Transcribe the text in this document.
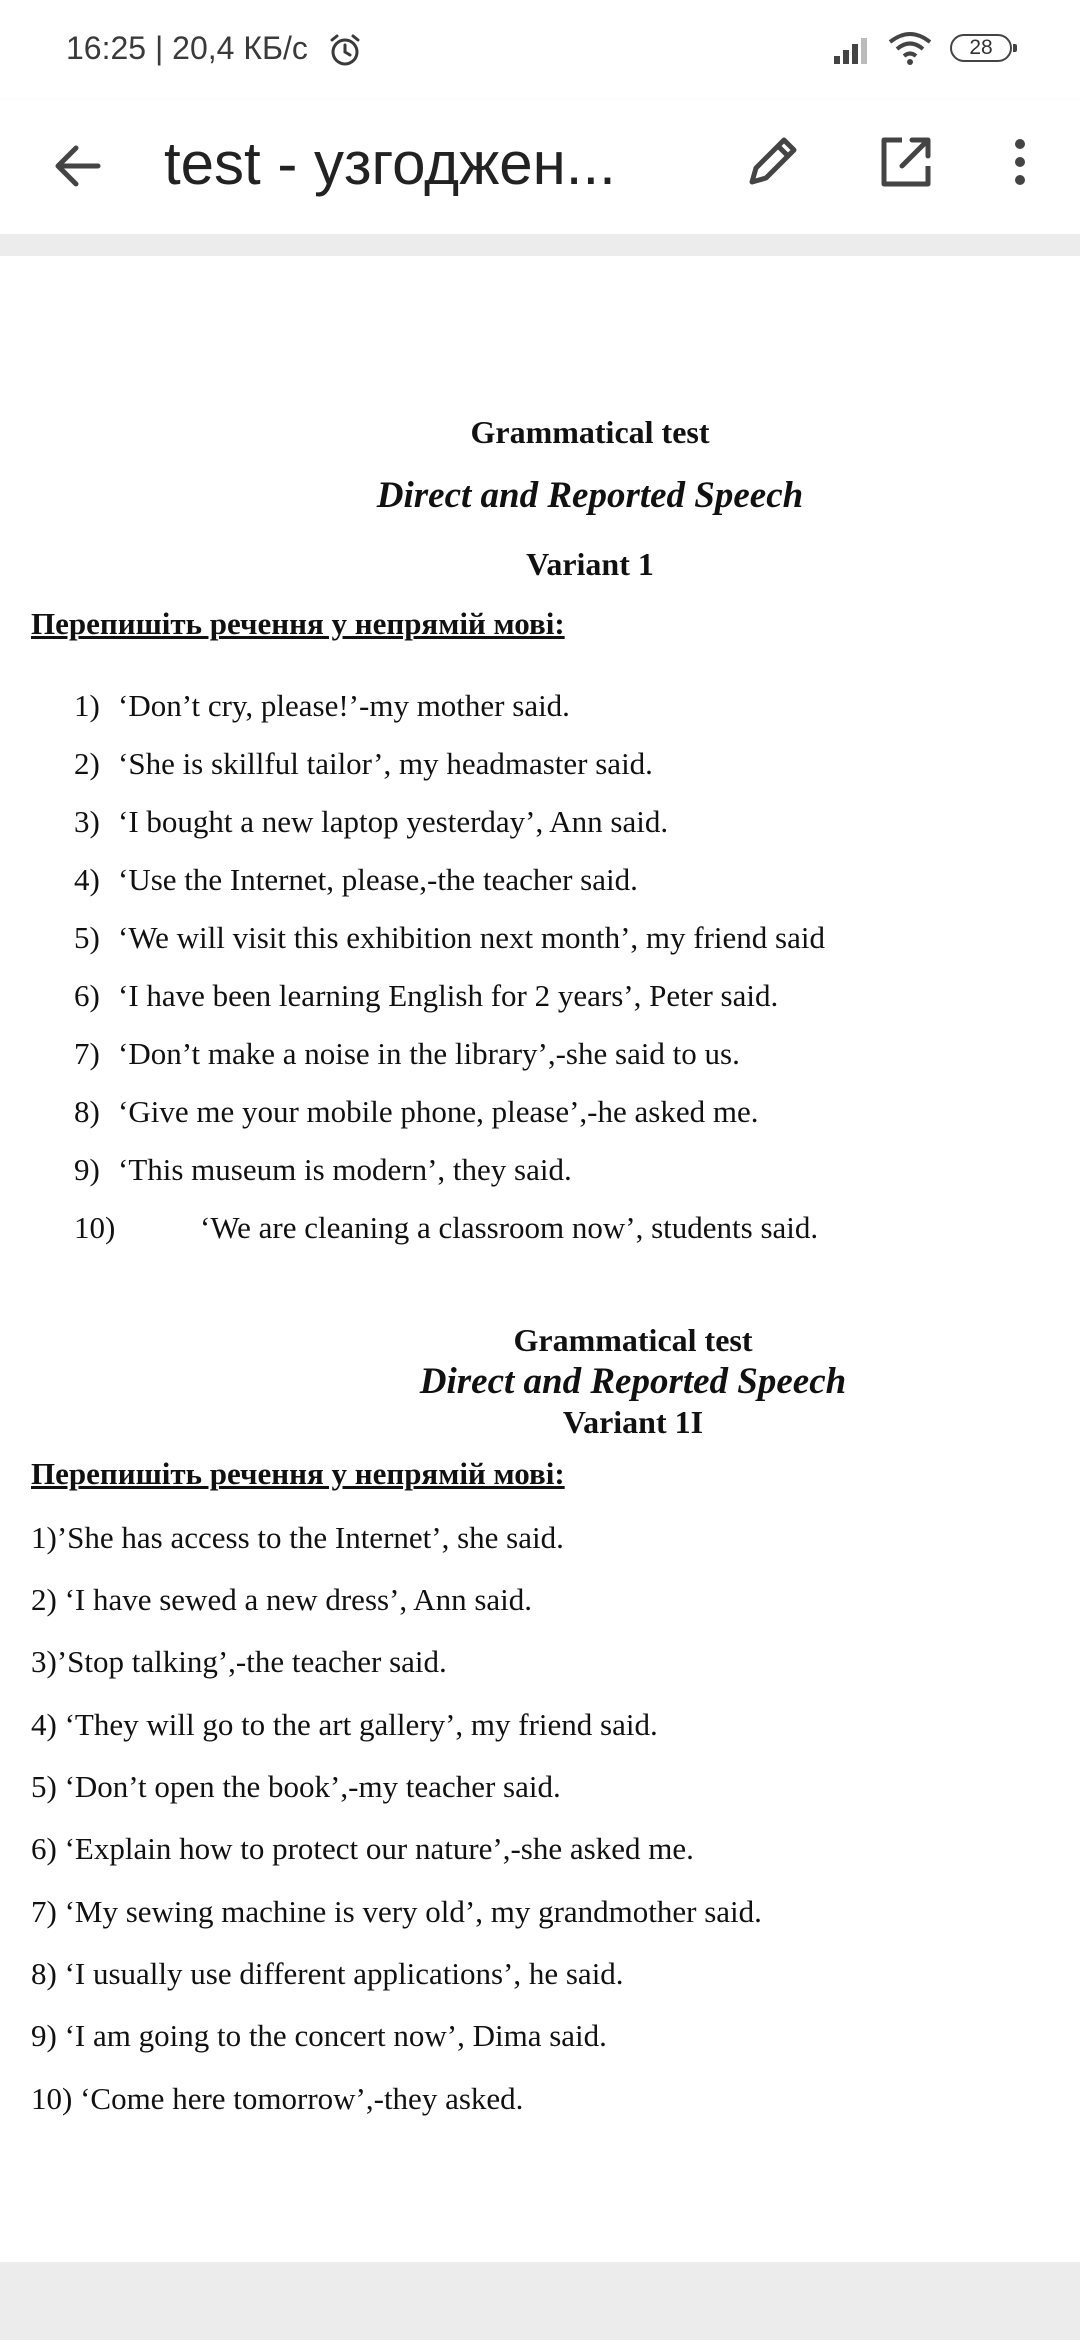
16:25 | 20,4 КБ/с	28
test - узгоджен...
Grammatical test
Direct and Reported Speech
Variant 1
Перепишіть речення у непрямій мові:
1) ‘Don’t cry, please!’-my mother said.
2) ‘She is skillful tailor’, my headmaster said.
3) ‘I bought a new laptop yesterday’, Ann said.
4) ‘Use the Internet, please,-the teacher said.
5) ‘We will visit this exhibition next month’, my friend said
6) ‘I have been learning English for 2 years’, Peter said.
7) ‘Don’t make a noise in the library’,-she said to us.
8) ‘Give me your mobile phone, please’,-he asked me.
9) ‘This museum is modern’, they said.
10)	‘We are cleaning a classroom now’, students said.
Grammatical test
Direct and Reported Speech
Variant 1I
Перепишіть речення у непрямій мові:
1)’She has access to the Internet’, she said.
2) ‘I have sewed a new dress’, Ann said.
3)’Stop talking’,-the teacher said.
4) ‘They will go to the art gallery’, my friend said.
5) ‘Don’t open the book’,-my teacher said.
6) ‘Explain how to protect our nature’,-she asked me.
7) ‘My sewing machine is very old’, my grandmother said.
8) ‘I usually use different applications’, he said.
9) ‘I am going to the concert now’, Dima said.
10) ‘Come here tomorrow’,-they asked.
